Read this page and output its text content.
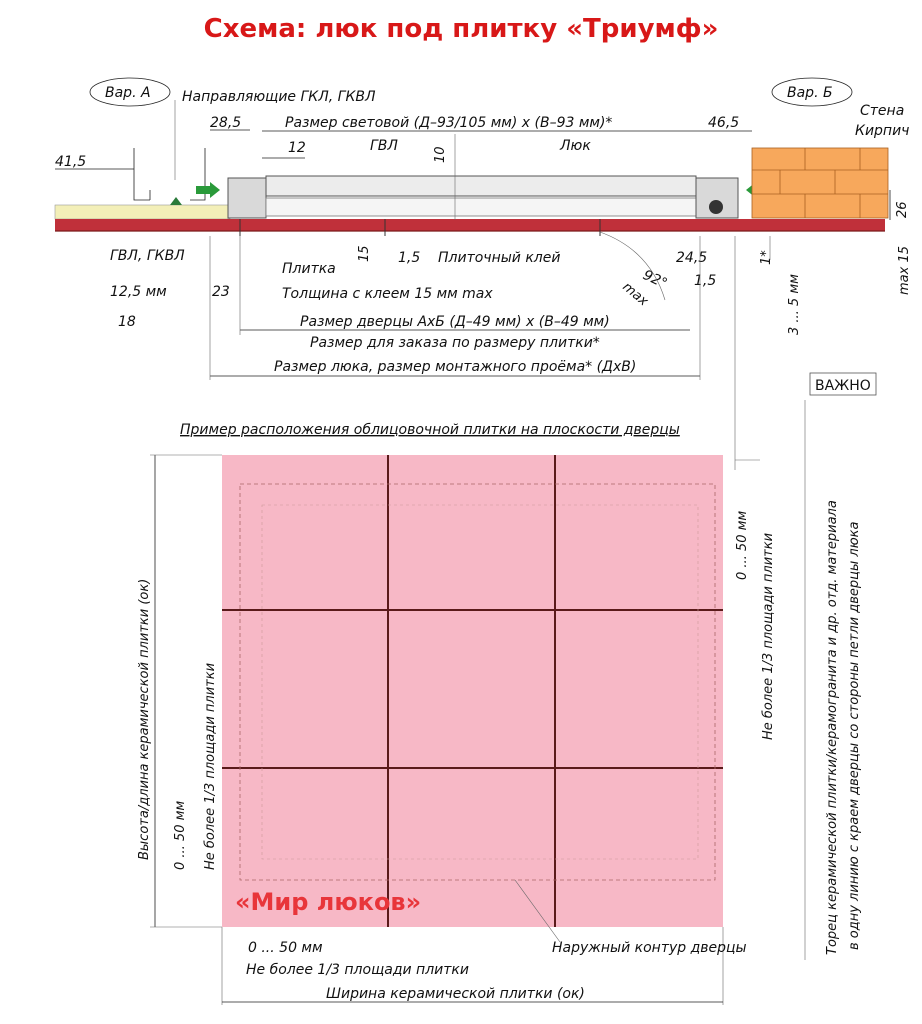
Схема: люк под плитку «Триумф»
Вар. А	Вар. Б
Направляющие ГКЛ, ГКВЛ
Стена
Кирпич
Размер световой (Д–93/105 мм) х (В–93 мм)*
Люк
ГВЛ
41,5
28,5
12	10
46,5
26
ГВЛ, ГКВЛ
Плитка
15 1,5 Плиточный клей	24,5	1*	max 15
12,5 мм	23	Толщина с клеем 15 мм max
18
92°
max	1,5	3 ... 5 мм
Размер дверцы АхБ (Д–49 мм) х (В–49 мм)
Размер для заказа по размеру плитки*
Размер люка, размер монтажного проёма* (ДхВ)
Пример расположения облицовочной плитки на плоскости дверцы
ВАЖНО
Торец керамической плитки/керамогранита и др. отд. материала в одну линию с краем дверцы со стороны петли дверцы люка
«Мир люков»
0 ... 50 мм Не более 1/3 площади плитки
Высота/длина керамической плитки (ок)	Не более 1/3 площади плитки
0 ... 50 мм
0 ... 50 мм
Не более 1/3 площади плитки
Ширина керамической плитки (ок)
Наружный контур дверцы
